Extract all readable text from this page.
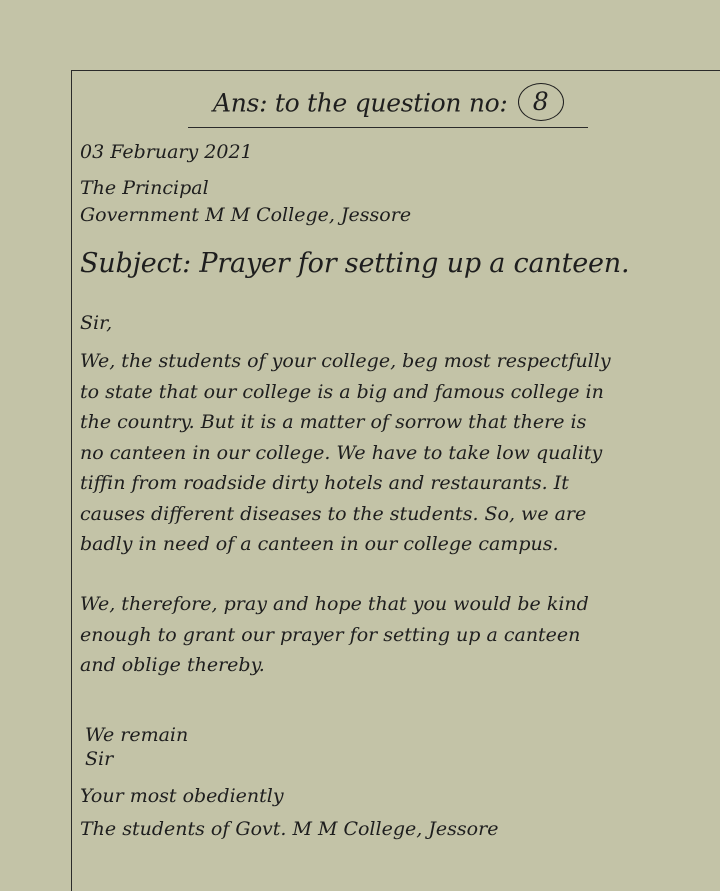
Ans: to the question no: 8

03 February 2021

The Principal

Government M M College, Jessore

Subject: Prayer for setting up a canteen.

Sir,

We, the students of your college, beg most respectfully
to state that our college is a big and famous college in
the country. But it is a matter of sorrow that there is
no canteen in our college. We have to take low quality
tiffin from roadside dirty hotels and restaurants. It
causes different diseases to the students. So, we are
badly in need of a canteen in our college campus.
We, therefore, pray and hope that you would be kind
enough to grant our prayer for setting up a canteen
and oblige thereby.

We remain

Sir

Your most obediently

The students of Govt. M M College, Jessore
